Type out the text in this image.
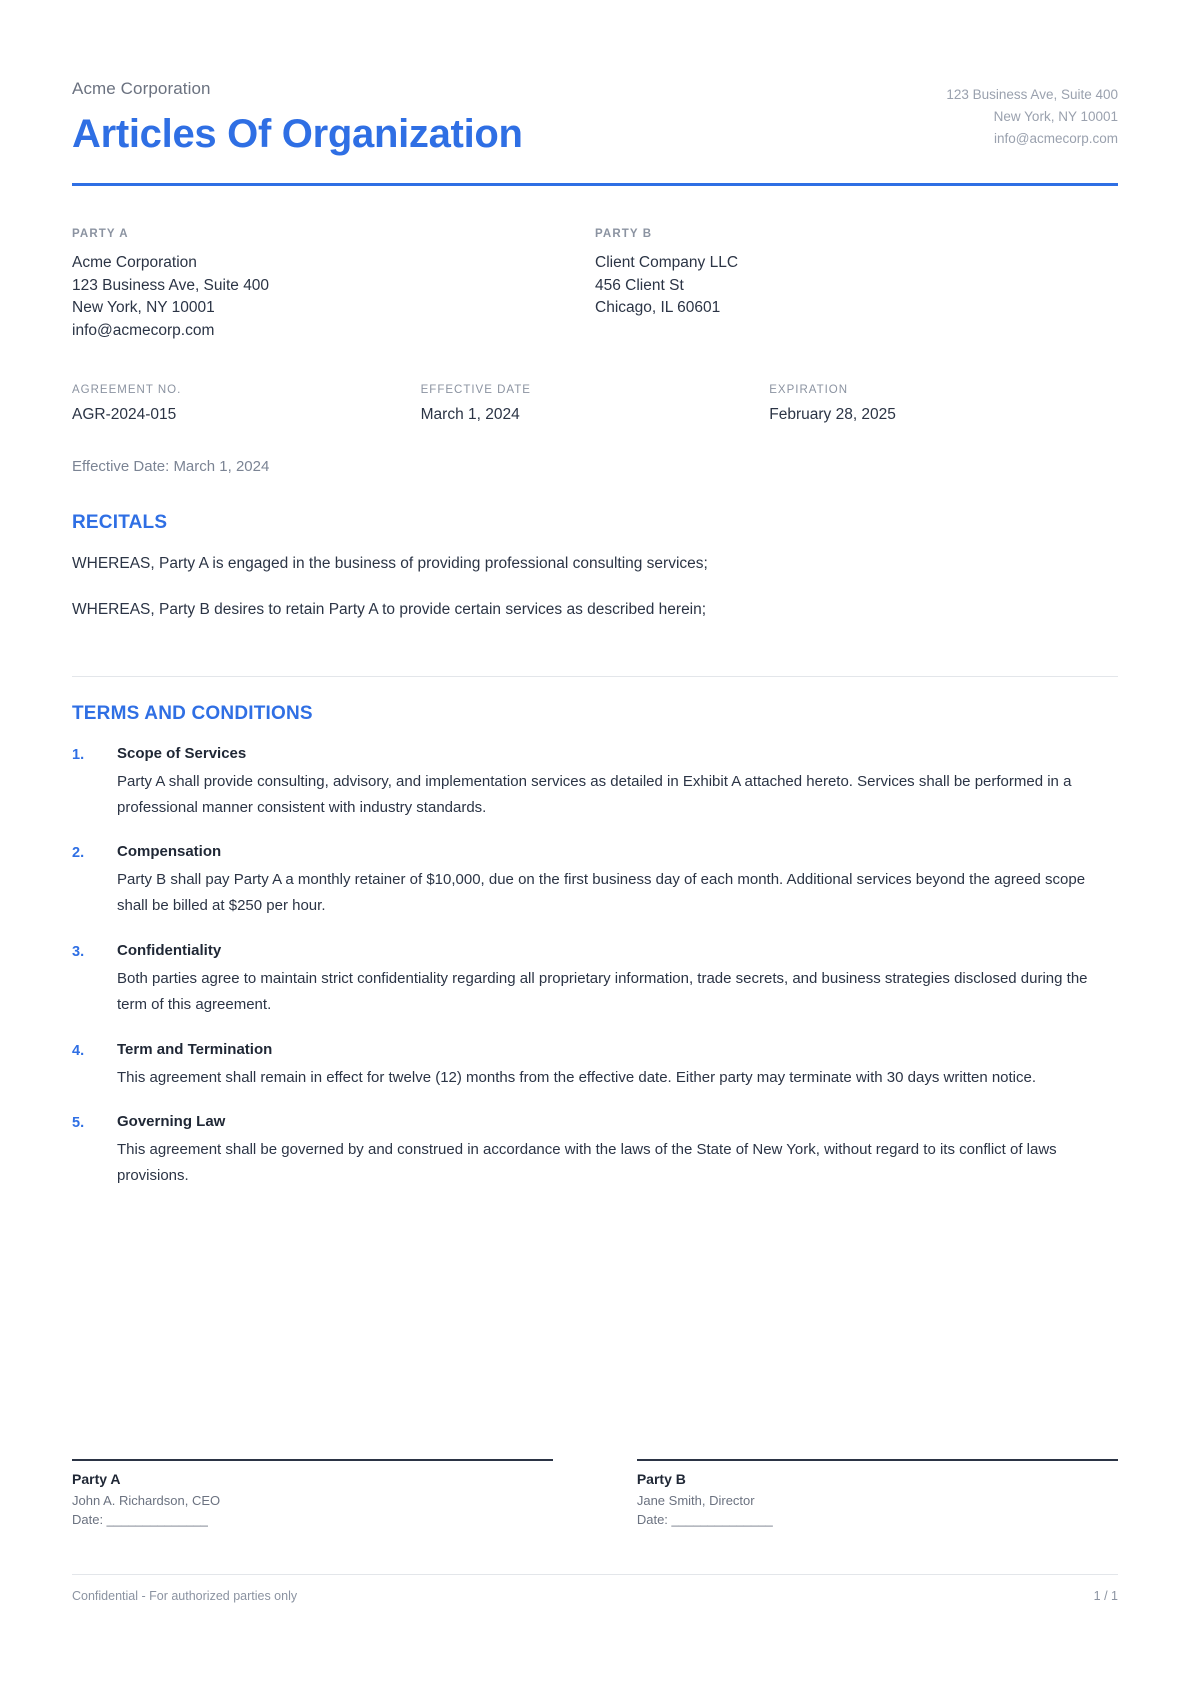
Acme Corporation
Articles Of Organization
123 Business Ave, Suite 400
New York, NY 10001
info@acmecorp.com
PARTY A
Acme Corporation
123 Business Ave, Suite 400
New York, NY 10001
info@acmecorp.com
PARTY B
Client Company LLC
456 Client St
Chicago, IL 60601
AGREEMENT NO.
AGR-2024-015
EFFECTIVE DATE
March 1, 2024
EXPIRATION
February 28, 2025
Effective Date: March 1, 2024
RECITALS
WHEREAS, Party A is engaged in the business of providing professional consulting services;
WHEREAS, Party B desires to retain Party A to provide certain services as described herein;
TERMS AND CONDITIONS
1.	Scope of Services
Party A shall provide consulting, advisory, and implementation services as detailed in Exhibit A attached hereto. Services shall be performed in a professional manner consistent with industry standards.
2.	Compensation
Party B shall pay Party A a monthly retainer of $10,000, due on the first business day of each month. Additional services beyond the agreed scope shall be billed at $250 per hour.
3.	Confidentiality
Both parties agree to maintain strict confidentiality regarding all proprietary information, trade secrets, and business strategies disclosed during the term of this agreement.
4.	Term and Termination
This agreement shall remain in effect for twelve (12) months from the effective date. Either party may terminate with 30 days written notice.
5.	Governing Law
This agreement shall be governed by and construed in accordance with the laws of the State of New York, without regard to its conflict of laws provisions.
Party A
John A. Richardson, CEO
Date: ______________
Party B
Jane Smith, Director
Date: ______________
Confidential - For authorized parties only	1 / 1
